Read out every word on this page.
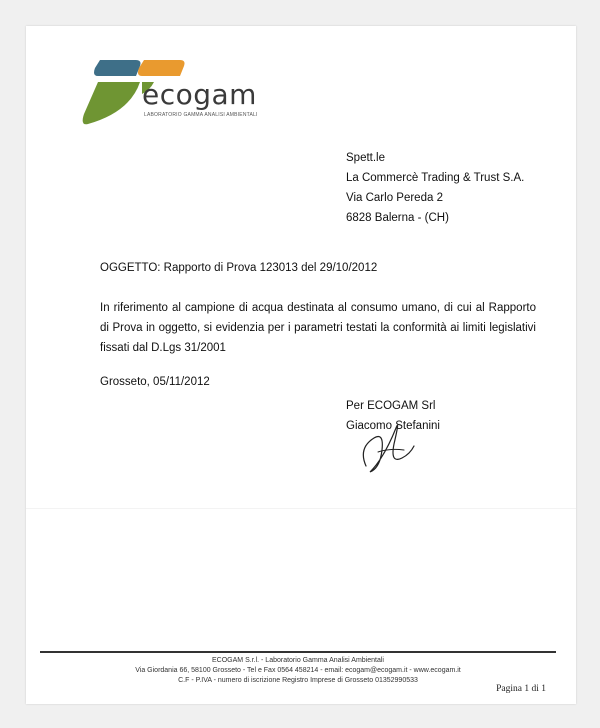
ecogam
LABORATORIO GAMMA ANALISI AMBIENTALI
Spett.le
La Commercè Trading & Trust S.A.
Via Carlo Pereda 2
6828 Balerna - (CH)
OGGETTO: Rapporto di Prova 123013 del 29/10/2012
In riferimento al campione di acqua destinata al consumo umano, di cui al Rapporto di Prova in oggetto, si evidenzia per i parametri testati la conformità ai limiti legislativi fissati dal D.Lgs 31/2001
Grosseto, 05/11/2012
Per ECOGAM Srl
Giacomo Stefanini
ECOGAM S.r.l. - Laboratorio Gamma Analisi Ambientali
Via Giordania 66, 58100 Grosseto - Tel e Fax 0564 458214 - email: ecogam@ecogam.it - www.ecogam.it
C.F - P.IVA - numero di iscrizione Registro Imprese di Grosseto 01352990533
Pagina 1 di 1
